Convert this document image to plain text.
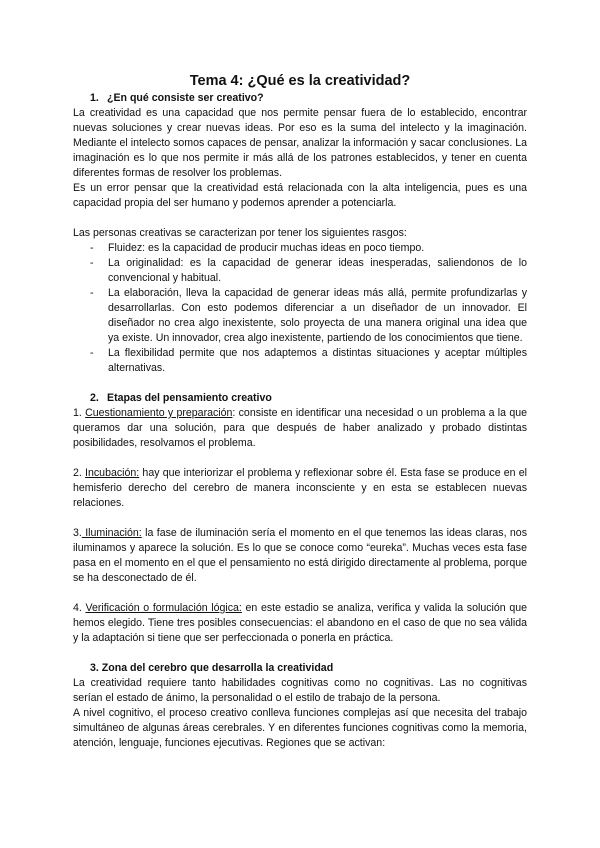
Tema 4: ¿Qué es la creatividad?
1. ¿En qué consiste ser creativo?

La creatividad es una capacidad que nos permite pensar fuera de lo establecido, encontrar nuevas soluciones y crear nuevas ideas. Por eso es la suma del intelecto y la imaginación. Mediante el intelecto somos capaces de pensar, analizar la información y sacar conclusiones. La imaginación es lo que nos permite ir más allá de los patrones establecidos, y tener en cuenta diferentes formas de resolver los problemas.

Es un error pensar que la creatividad está relacionada con la alta inteligencia, pues es una capacidad propia del ser humano y podemos aprender a potenciarla.

Las personas creativas se caracterizan por tener los siguientes rasgos:

- Fluidez: es la capacidad de producir muchas ideas en poco tiempo.
- La originalidad: es la capacidad de generar ideas inesperadas, saliendonos de lo convencional y habitual.
- La elaboración, lleva la capacidad de generar ideas más allá, permite profundizarlas y desarrollarlas. Con esto podemos diferenciar a un diseñador de un innovador. El diseñador no crea algo inexistente, solo proyecta de una manera original una idea que ya existe. Un innovador, crea algo inexistente, partiendo de los conocimientos que tiene.
- La flexibilidad permite que nos adaptemos a distintas situaciones y aceptar múltiples alternativas.
2. Etapas del pensamiento creativo

1. Cuestionamiento y preparación: consiste en identificar una necesidad o un problema a la que queramos dar una solución, para que después de haber analizado y probado distintas posibilidades, resolvamos el problema.

2. Incubación: hay que interiorizar el problema y reflexionar sobre él. Esta fase se produce en el hemisferio derecho del cerebro de manera inconsciente y en esta se establecen nuevas relaciones.

3. Iluminación: la fase de iluminación sería el momento en el que tenemos las ideas claras, nos iluminamos y aparece la solución. Es lo que se conoce como “eureka”. Muchas veces esta fase pasa en el momento en el que el pensamiento no está dirigido directamente al problema, porque se ha desconectado de él.

4. Verificación o formulación lógica: en este estadio se analiza, verifica y valida la solución que hemos elegido. Tiene tres posibles consecuencias: el abandono en el caso de que no sea válida y la adaptación si tiene que ser perfeccionada o ponerla en práctica.

3. Zona del cerebro que desarrolla la creatividad

La creatividad requiere tanto habilidades cognitivas como no cognitivas. Las no cognitivas serían el estado de ánimo, la personalidad o el estilo de trabajo de la persona.

A nivel cognitivo, el proceso creativo conlleva funciones complejas así que necesita del trabajo simultáneo de algunas áreas cerebrales. Y en diferentes funciones cognitivas como la memoria, atención, lenguaje, funciones ejecutivas. Regiones que se activan:
